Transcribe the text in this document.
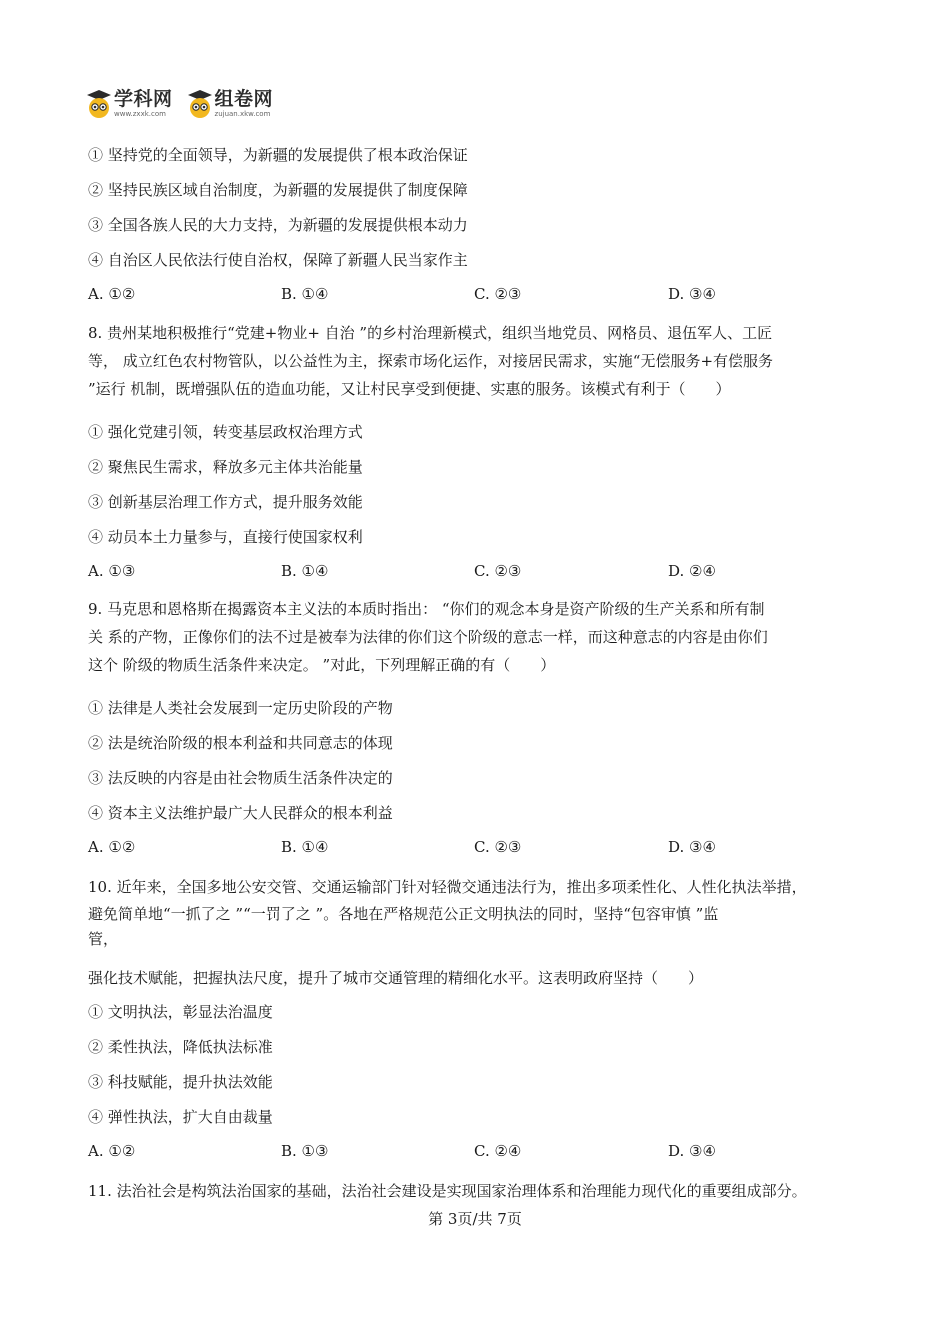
学科网
www.zxxk.com
组卷网
zujuan.xkw.com
① 坚持党的全面领导，为新疆的发展提供了根本政治保证
② 坚持民族区域自治制度，为新疆的发展提供了制度保障
③ 全国各族人民的大力支持，为新疆的发展提供根本动力
④ 自治区人民依法行使自治权，保障了新疆人民当家作主
A. ①②	B. ①④	C. ②③	D. ③④
8. 贵州某地积极推行“党建+物业+ 自治 ”的乡村治理新模式，组织当地党员、网格员、退伍军人、工匠
等， 成立红色农村物管队，以公益性为主，探索市场化运作，对接居民需求，实施“无偿服务+有偿服务
”运行 机制，既增强队伍的造血功能，又让村民享受到便捷、实惠的服务。该模式有利于（　　）
① 强化党建引领，转变基层政权治理方式
② 聚焦民生需求，释放多元主体共治能量
③ 创新基层治理工作方式，提升服务效能
④ 动员本土力量参与，直接行使国家权利
A. ①③	B. ①④	C. ②③	D. ②④
9. 马克思和恩格斯在揭露资本主义法的本质时指出： “你们的观念本身是资产阶级的生产关系和所有制
关 系的产物，正像你们的法不过是被奉为法律的你们这个阶级的意志一样，而这种意志的内容是由你们
这个 阶级的物质生活条件来决定。 ”对此，下列理解正确的有（　　）
① 法律是人类社会发展到一定历史阶段的产物
② 法是统治阶级的根本利益和共同意志的体现
③ 法反映的内容是由社会物质生活条件决定的
④ 资本主义法维护最广大人民群众的根本利益
A. ①②	B. ①④	C. ②③	D. ③④
10. 近年来，全国多地公安交管、交通运输部门针对轻微交通违法行为，推出多项柔性化、人性化执法举措，
避免简单地“一抓了之 ”“一罚了之 ”。各地在严格规范公正文明执法的同时，坚持“包容审慎 ”监
管，
强化技术赋能，把握执法尺度，提升了城市交通管理的精细化水平。这表明政府坚持（　　）
① 文明执法，彰显法治温度
② 柔性执法，降低执法标准
③ 科技赋能，提升执法效能
④ 弹性执法，扩大自由裁量
A. ①②	B. ①③	C. ②④	D. ③④
11. 法治社会是构筑法治国家的基础，法治社会建设是实现国家治理体系和治理能力现代化的重要组成部分。
第 3页/共 7页
